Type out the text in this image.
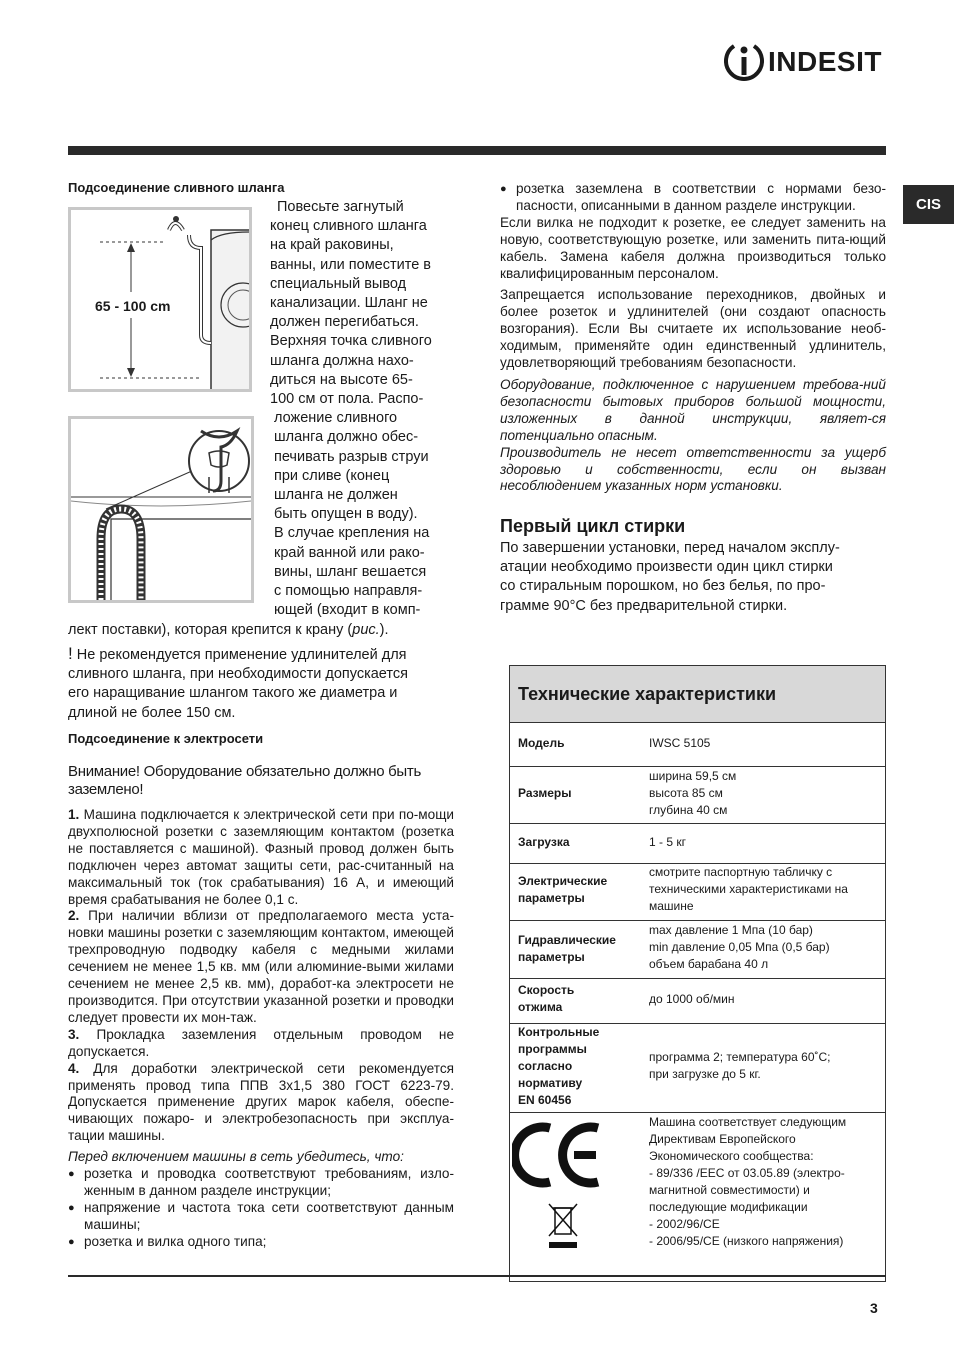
INDESIT
CIS
Подсоединение сливного шланга
65 - 100 cm
Повесьте загнутый
конец сливного шланга
на край раковины,
ванны, или поместите в
специальный вывод
канализации. Шланг не
должен перегибаться.
Верхняя точка сливного
шланга должна нахо-
диться на высоте 65-
100 см от пола. Распо-
ложение сливного
шланга должно обес-
печивать разрыв струи
при сливе (конец
шланга не должен
быть опущен в воду).
В случае крепления на
край ванной или рако-
вины, шланг вешается
с помощью направля-
ющей (входит в комп-
лект поставки), которая крепится к крану (рис.).
! Не рекомендуется применение удлинителей для
сливного шланга, при необходимости допускается
его наращивание шлангом такого же диаметра и
длиной не более 150 см.
Подсоединение к электросети
Внимание! Оборудование обязательно должно быть заземлено!
1. Машина подключается к электрической сети при по-мощи двухполюсной розетки с заземляющим контактом (розетка не поставляется с машиной). Фазный провод должен быть подключен через автомат защиты сети, рас-считанный на максимальный ток (ток срабатывания) 16 А, и имеющий время срабатывания не более 0,1 с.
2. При наличии вблизи от предполагаемого места уста-новки машины розетки с заземляющим контактом, имеющей трехпроводную подводку кабеля с медными жилами сечением не менее 1,5 кв. мм (или алюминие-выми жилами сечением не менее 2,5 кв. мм), доработ-ка электросети не производится. При отсутствии указанной розетки и проводки следует провести их мон-таж.
3. Прокладка заземления отдельным проводом не допускается.
4. Для доработки электрической сети рекомендуется применять провод типа ППВ 3х1,5 380 ГОСТ 6223-79. Допускается применение других марок кабеля, обеспе-чивающих пожаро- и электробезопасность при эксплуа-тации машины.
Перед включением машины в сеть убедитесь, что:
● розетка и проводка соответствуют требованиям, изло-женным в данном разделе инструкции;
● напряжение и частота тока сети соответствуют данным машины;
● розетка и вилка одного типа;
● розетка заземлена в соответствии с нормами безо-пасности, описанными в данном разделе инструкции.
Если вилка не подходит к розетке, ее следует заменить на новую, соответствующую розетке, или заменить пита-ющий кабель. Замена кабеля должна производиться только квалифицированным персоналом.
Запрещается использование переходников, двойных и более розеток и удлинителей (они создают опасность возгорания). Если Вы считаете их использование необ-ходимым, применяйте один единственный удлинитель, удовлетворяющий требованиям безопасности.
Оборудование, подключенное с нарушением требова-ний безопасности бытовых приборов большой мощности, изложенных в данной инструкции, являет-ся потенциально опасным.
Производитель не несет ответственности за ущерб здоровью и собственности, если он вызван несоблюдением указанных норм установки.
Первый цикл стирки
По завершении установки, перед началом эксплу-
атации необходимо произвести один цикл стирки
со стиральным порошком, но без белья, по про-
грамме 90°С без предварительной стирки.
Технические характеристики
Модель	IWSC 5105
Размеры
ширина 59,5 см
высота 85 см
глубина 40 см
Загрузка	1 - 5 кг
Электрические
параметры
смотрите паспортную табличку с
техническими характеристиками на
машине
Гидравлические
параметры
max давление 1 Mпa (10 бар)
min давление 0,05 Mпa (0,5 бар)
объем барабана 40 л
Скорость
отжима
до 1000 об/мин
Контрольные
программы
согласно
нормативу
EN 60456
программа 2; температура 60˚С;
при загрузке до 5 кг.
Машина соответствует следующим
Директивам Европейского
Экономического сообщества:
- 89/336 /EEC от 03.05.89 (электро-
магнитной совместимости) и
последующие модификации
- 2002/96/CE
- 2006/95/CE (низкого напряжения)
3
